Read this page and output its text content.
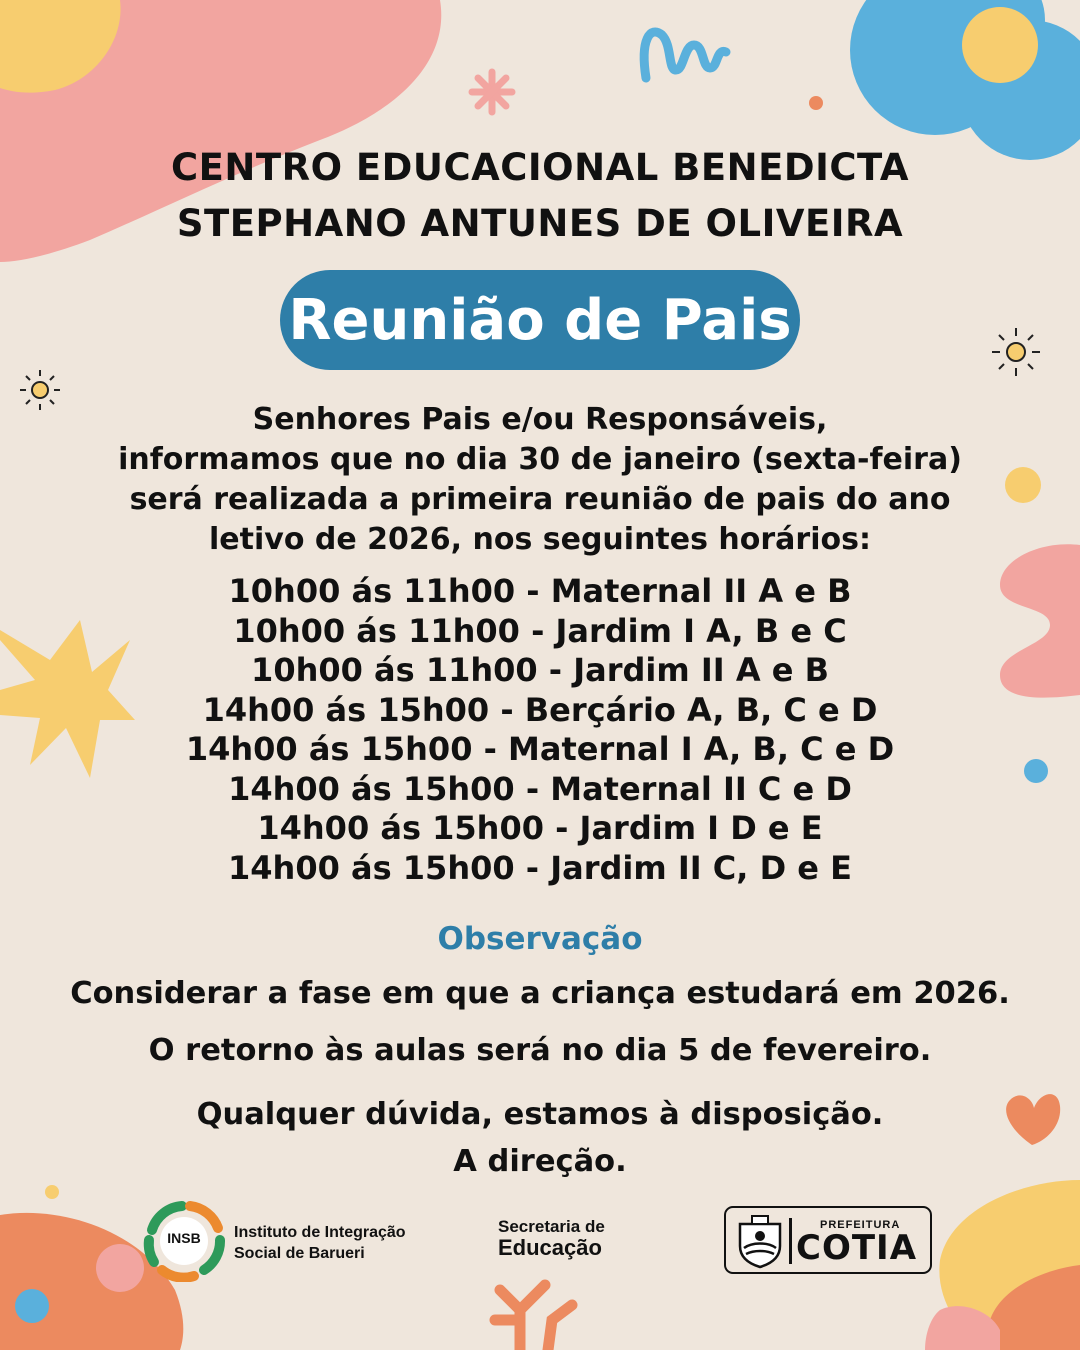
CENTRO EDUCACIONAL BENEDICTA
STEPHANO ANTUNES DE OLIVEIRA
Reunião de Pais
Senhores Pais e/ou Responsáveis,
informamos que no dia 30 de janeiro (sexta-feira)
será realizada a primeira reunião de pais do ano
letivo de 2026, nos seguintes horários:
10h00 ás 11h00 - Maternal II A e B
10h00 ás 11h00 - Jardim I A, B e C
10h00 ás 11h00 - Jardim II A e B
14h00 ás 15h00 - Berçário A, B, C e D
14h00 ás 15h00 - Maternal I A, B, C e D
14h00 ás 15h00 - Maternal II C e D
14h00 ás 15h00 - Jardim I D e E
14h00 ás 15h00 - Jardim II C, D e E
Observação
Considerar a fase em que a criança estudará em 2026.
O retorno às aulas será no dia 5 de fevereiro.
Qualquer dúvida, estamos à disposição.
A direção.
INSB	Instituto de Integração
Social de Barueri
Secretaria de
Educação
PREFEITURA
COTIA
